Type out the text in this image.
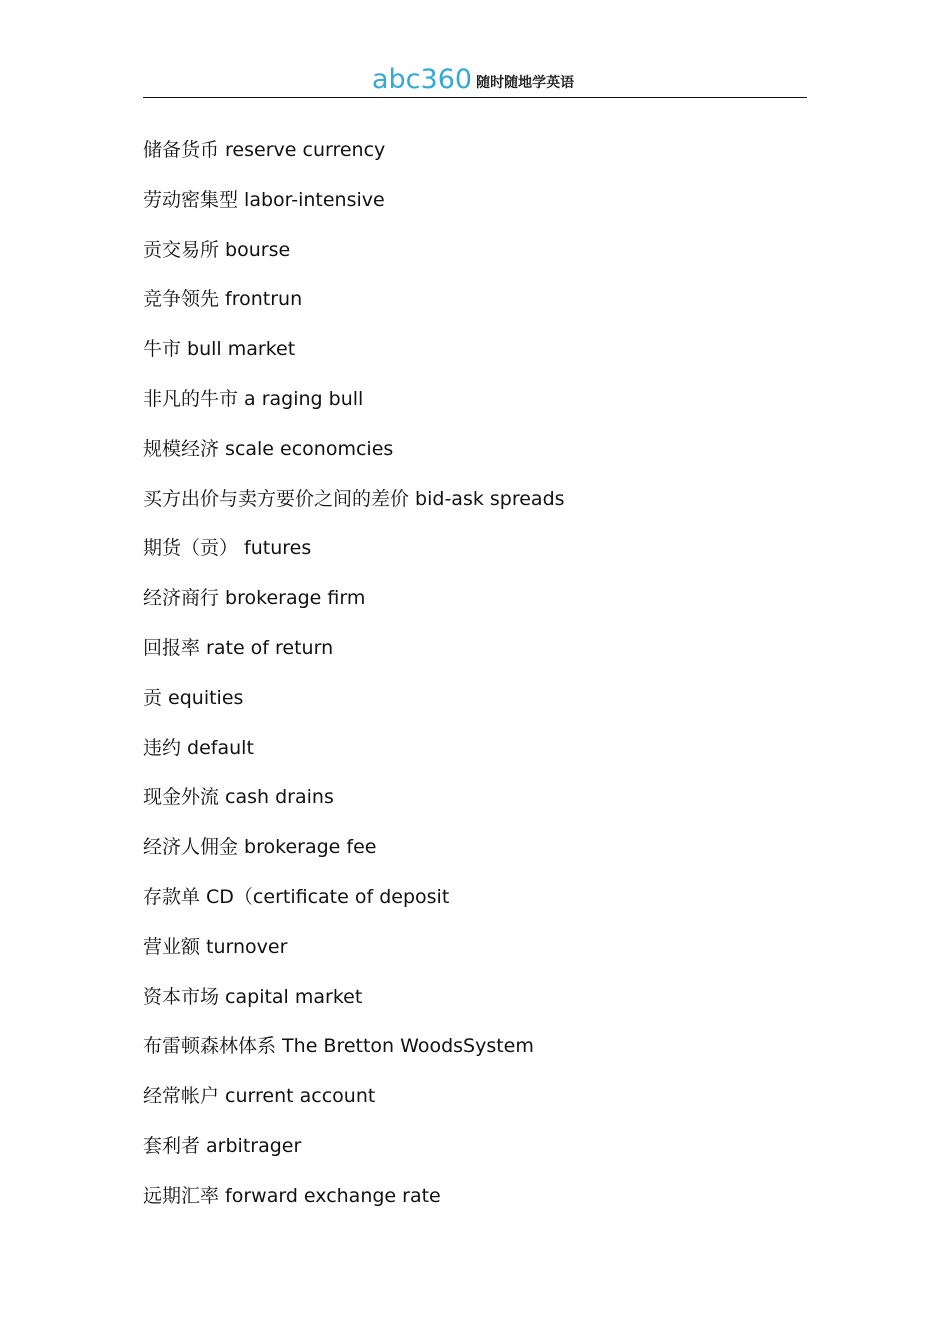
abc360 随时随地学英语
储备货币 reserve currency
劳动密集型 labor-intensive
贡交易所 bourse
竞争领先 frontrun
牛市 bull market
非凡的牛市 a raging bull
规模经济 scale economcies
买方出价与卖方要价之间的差价 bid-ask spreads
期货（贡） futures
经济商行 brokerage firm
回报率 rate of return
贡 equities
违约 default
现金外流 cash drains
经济人佣金 brokerage fee
存款单 CD（certificate of deposit
营业额 turnover
资本市场 capital market
布雷顿森林体系 The Bretton WoodsSystem
经常帐户 current account
套利者 arbitrager
远期汇率 forward exchange rate
